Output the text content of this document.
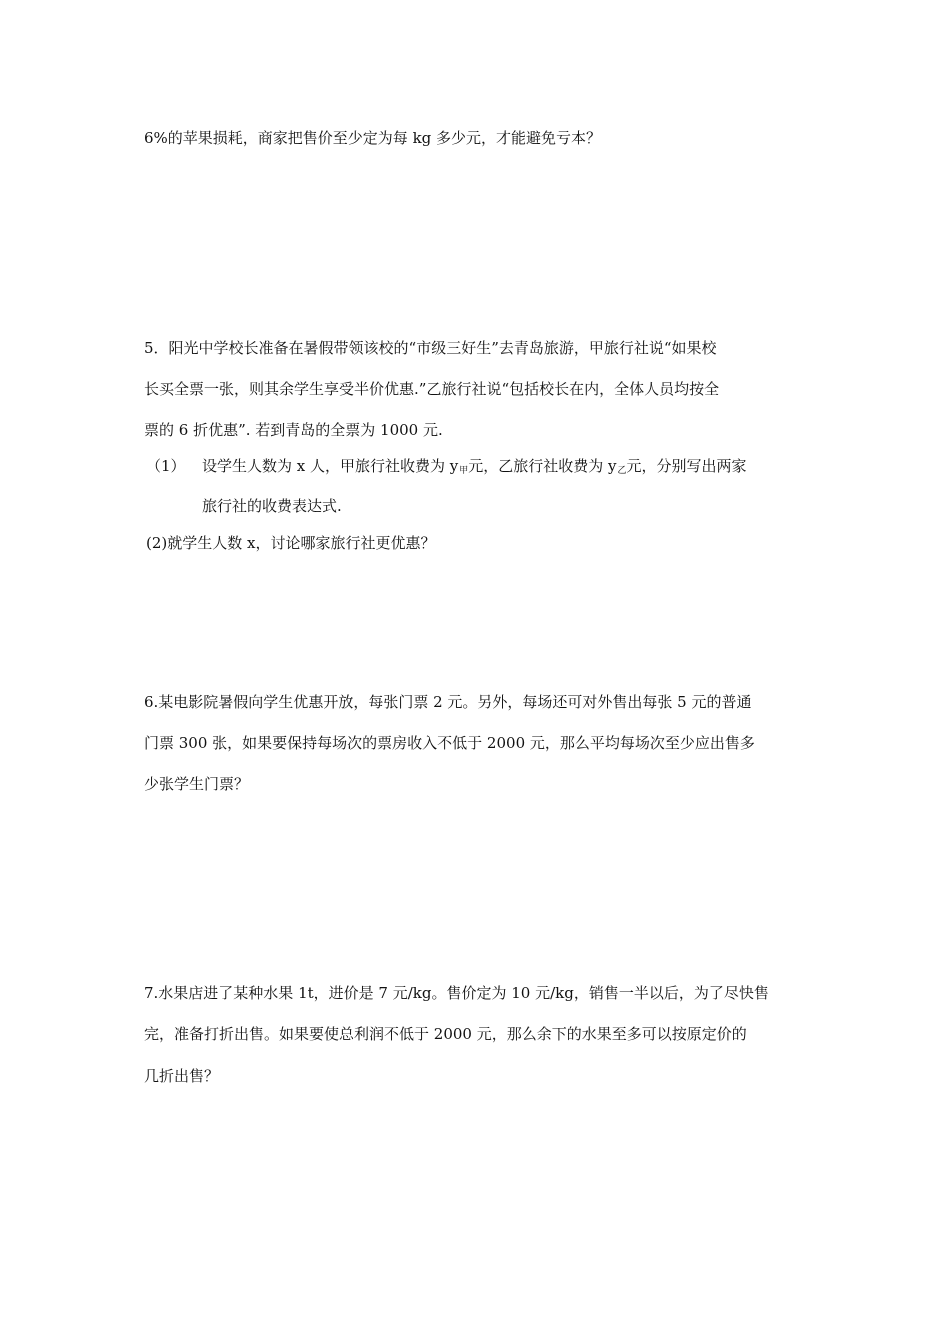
6%的苹果损耗，商家把售价至少定为每 kg 多少元，才能避免亏本？
5．阳光中学校长准备在暑假带领该校的“市级三好生”去青岛旅游，甲旅行社说“如果校
长买全票一张，则其余学生享受半价优惠.”乙旅行社说“包括校长在内，全体人员均按全
票的 6 折优惠”. 若到青岛的全票为 1000 元.
（1） 设学生人数为 x 人，甲旅行社收费为 $y_甲$元，乙旅行社收费为 $y_乙$元，分别写出两家
旅行社的收费表达式.
(2)就学生人数 x，讨论哪家旅行社更优惠？
6.某电影院暑假向学生优惠开放，每张门票 2 元。另外，每场还可对外售出每张 5 元的普通
门票 300 张，如果要保持每场次的票房收入不低于 2000 元，那么平均每场次至少应出售多
少张学生门票？
7.水果店进了某种水果 1t，进价是 7 元/kg。售价定为 10 元/kg，销售一半以后，为了尽快售
完，准备打折出售。如果要使总利润不低于 2000 元，那么余下的水果至多可以按原定价的
几折出售？
